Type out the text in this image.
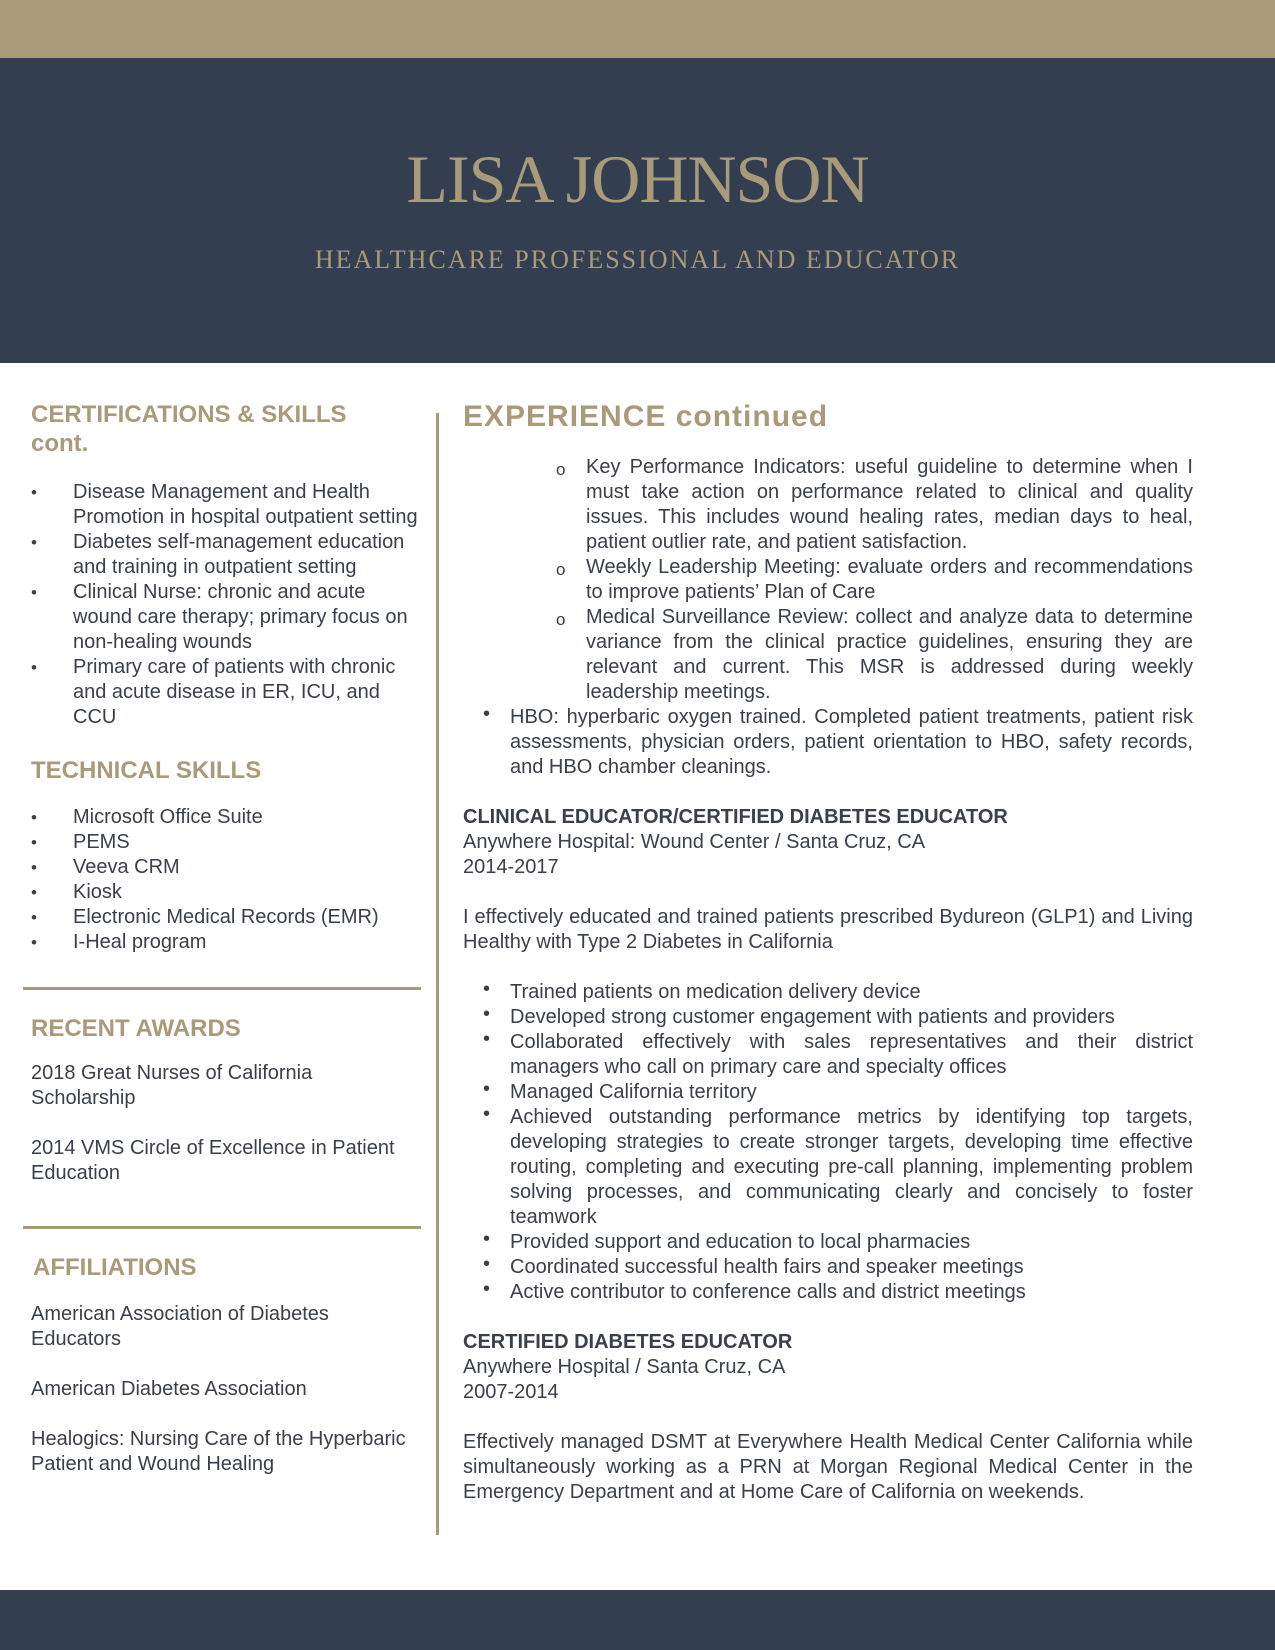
LISA JOHNSON
HEALTHCARE PROFESSIONAL AND EDUCATOR
CERTIFICATIONS & SKILLS
cont.
• Disease Management and Health Promotion in hospital outpatient setting
• Diabetes self-management education and training in outpatient setting
• Clinical Nurse: chronic and acute wound care therapy; primary focus on non-healing wounds
• Primary care of patients with chronic and acute disease in ER, ICU, and CCU
TECHNICAL SKILLS
• Microsoft Office Suite
• PEMS
• Veeva CRM
• Kiosk
• Electronic Medical Records (EMR)
• I-Heal program
RECENT AWARDS

2018 Great Nurses of California Scholarship

2014 VMS Circle of Excellence in Patient Education

AFFILIATIONS

American Association of Diabetes Educators

American Diabetes Association

Healogics: Nursing Care of the Hyperbaric Patient and Wound Healing

EXPERIENCE continued
o Key Performance Indicators: useful guideline to determine when I must take action on performance related to clinical and quality issues. This includes wound healing rates, median days to heal, patient outlier rate, and patient satisfaction.
o Weekly Leadership Meeting: evaluate orders and recommendations to improve patients’ Plan of Care
o Medical Surveillance Review: collect and analyze data to determine variance from the clinical practice guidelines, ensuring they are relevant and current. This MSR is addressed during weekly leadership meetings.
• HBO: hyperbaric oxygen trained. Completed patient treatments, patient risk assessments, physician orders, patient orientation to HBO, safety records, and HBO chamber cleanings.

CLINICAL EDUCATOR/CERTIFIED DIABETES EDUCATOR

Anywhere Hospital: Wound Center / Santa Cruz, CA

2014-2017

I effectively educated and trained patients prescribed Bydureon (GLP1) and Living Healthy with Type 2 Diabetes in California

• Trained patients on medication delivery device
• Developed strong customer engagement with patients and providers
• Collaborated effectively with sales representatives and their district managers who call on primary care and specialty offices
• Managed California territory
• Achieved outstanding performance metrics by identifying top targets, developing strategies to create stronger targets, developing time effective routing, completing and executing pre-call planning, implementing problem solving processes, and communicating clearly and concisely to foster teamwork
• Provided support and education to local pharmacies
• Coordinated successful health fairs and speaker meetings
• Active contributor to conference calls and district meetings

CERTIFIED DIABETES EDUCATOR

Anywhere Hospital / Santa Cruz, CA

2007-2014

Effectively managed DSMT at Everywhere Health Medical Center California while simultaneously working as a PRN at Morgan Regional Medical Center in the Emergency Department and at Home Care of California on weekends.
